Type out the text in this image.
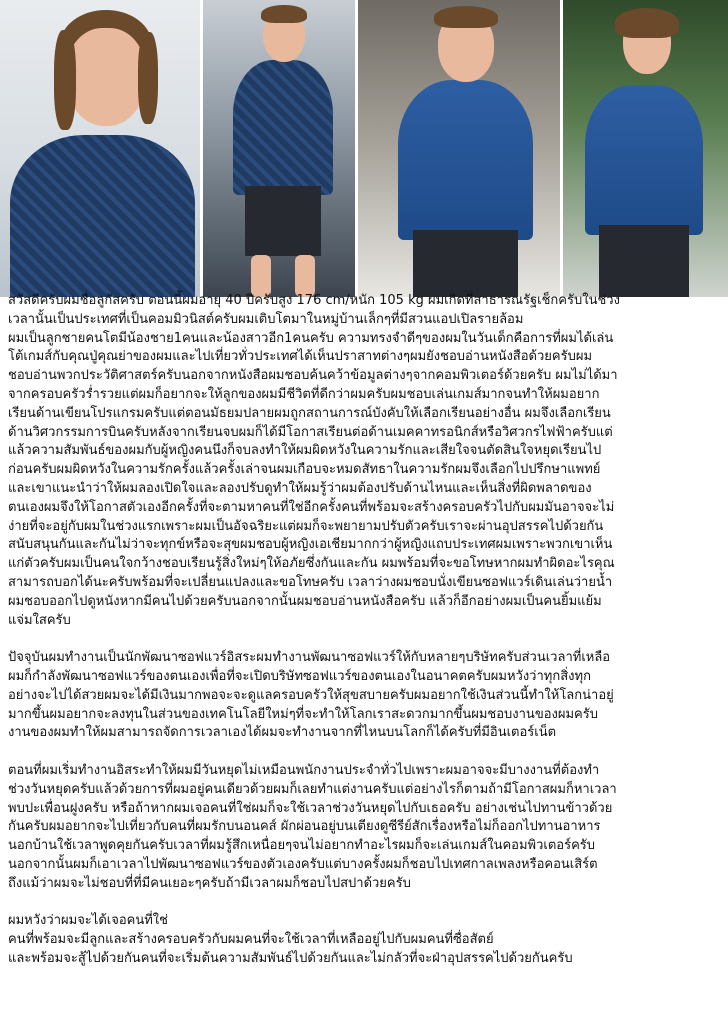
สวัสดีครับผมชื่อลูกัสครับ ตอนนี้ผมอายุ 40 ปีครับสูง 176 cm/หนัก 105 kg ผมเกิดที่สาธารณรัฐเช็กครับในช่วง
เวลานั้นเป็นประเทศที่เป็นคอมมิวนิสต์ครับผมเติบโตมาในหมู่บ้านเล็กๆที่มีสวนแอปเปิลรายล้อม
ผมเป็นลูกชายคนโตมีน้องชาย1คนและน้องสาวอีก1คนครับ ความทรงจำดีๆของผมในวันเด็กคือการที่ผมได้เล่น
โต้เกมส์กับคุณปู่คุณย่าของผมและไปเที่ยวทั่วประเทศได้เห็นปราสาทต่างๆผมยังชอบอ่านหนังสือด้วยครับผม
ชอบอ่านพวกประวัติศาสตร์ครับนอกจากหนังสือผมชอบค้นคว้าข้อมูลต่างๆจากคอมพิวเตอร์ด้วยครับ ผมไม่ได้มา
จากครอบครัวร่ำรวยแต่ผมก็อยากจะให้ลูกของผมมีชีวิตที่ดีกว่าผมครับผมชอบเล่นเกมส์มากจนทำให้ผมอยาก
เรียนด้านเขียนโปรแกรมครับแต่ตอนมัธยมปลายผมถูกสถานการณ์บังคับให้เลือกเรียนอย่างอื่น ผมจึงเลือกเรียน
ด้านวิศวกรรมการบินครับหลังจากเรียนจบผมก็ได้มีโอกาสเรียนต่อด้านเมคคาทรอนิกส์หรือวิศวกรไฟฟ้าครับแต่
แล้วความสัมพันธ์ของผมกับผู้หญิงคนนึงก็จบลงทำให้ผมผิดหวังในความรักและเสียใจจนตัดสินใจหยุดเรียนไป
ก่อนครับผมผิดหวังในความรักครั้งแล้วครั้งเล่าจนผมเกือบจะหมดสัทธาในความรักผมจึงเลือกไปปรึกษาแพทย์
และเขาแนะนำว่าให้ผมลองเปิดใจและลองปรับดูทำให้ผมรู้ว่าผมต้องปรับด้านไหนและเห็นสิ่งที่ผิดพลาดของ
ตนเองผมจึงให้โอกาสตัวเองอีกครั้งที่จะตามหาคนที่ใช่อีกครั้งคนที่พร้อมจะสร้างครอบครัวไปกับผมมันอาจจะไม่
ง่ายที่จะอยู่กับผมในช่วงแรกเพราะผมเป็นอัจฉริยะแต่ผมก็จะพยายามปรับตัวครับเราจะผ่านอุปสรรคไปด้วยกัน
สนับสนุนกันและกันไม่ว่าจะทุกข์หรือจะสุขผมชอบผู้หญิงเอเชียมากกว่าผู้หญิงแถบประเทศผมเพราะพวกเขาเห็น
แก่ตัวครับผมเป็นคนใจกว้างชอบเรียนรู้สิ่งใหม่ๆให้อภัยซึ่งกันและกัน ผมพร้อมที่จะขอโทษหากผมทำผิดอะไรคุณ
สามารถบอกได้นะครับพร้อมที่จะเปลี่ยนแปลงและขอโทษครับ เวลาว่างผมชอบนั่งเขียนซอฟแวร์เดินเล่นว่ายน้ำ
ผมชอบออกไปดูหนังหากมีคนไปด้วยครับนอกจากนั้นผมชอบอ่านหนังสือครับ แล้วก็อีกอย่างผมเป็นคนยิ้มแย้ม
แจ่มใสครับ

ปัจจุบันผมทำงานเป็นนักพัฒนาซอฟแวร์อิสระผมทำงานพัฒนาซอฟแวร์ให้กับหลายๆบริษัทครับส่วนเวลาที่เหลือ
ผมก็กำลังพัฒนาซอฟแวร์ของตนเองเพื่อที่จะเปิดบริษัทซอฟแวร์ของตนเองในอนาคตครับผมหวังว่าทุกสิ่งทุก
อย่างจะไปได้สวยผมจะได้มีเงินมากพอจะจะดูแลครอบครัวให้สุขสบายครับผมอยากใช้เงินส่วนนี้ทำให้โลกน่าอยู่
มากขึ้นผมอยากจะลงทุนในส่วนของเทคโนโลยีใหม่ๆที่จะทำให้โลกเราสะดวกมากขึ้นผมชอบงานของผมครับ
งานของผมทำให้ผมสามารถจัดการเวลาเองได้ผมจะทำงานจากที่ไหนบนโลกก็ได้ครับที่มีอินเตอร์เน็ต

ตอนที่ผมเริ่มทำงานอิสระทำให้ผมมีวันหยุดไม่เหมือนพนักงานประจำทั่วไปเพราะผมอาจจะมีบางงานที่ต้องทำ
ช่วงวันหยุดครับแล้วด้วยการที่ผมอยู่คนเดียวด้วยผมก็เลยทำแต่งานครับแต่อย่างไรก็ตามถ้ามีโอกาสผมก็หาเวลา
พบปะเพื่อนฝูงครับ หรือถ้าหากผมเจอคนที่ใช่ผมก็จะใช้เวลาช่วงวันหยุดไปกับเธอครับ อย่างเช่นไปทานข้าวด้วย
กันครับผมอยากจะไปเที่ยวกับคนที่ผมรักบนอนคส์ ผักผ่อนอยู่บนเตียงดูซีรีย์สักเรื่องหรือไม่ก็ออกไปทานอาหาร
นอกบ้านใช้เวลาพูดคุยกันครับเวลาที่ผมรู้สึกเหนื่อยๆจนไม่อยากทำอะไรผมก็จะเล่นเกมส์ในคอมพิวเตอร์ครับ
นอกจากนั้นผมก็เอาเวลาไปพัฒนาซอฟแวร์ของตัวเองครับแต่บางครั้งผมก็ชอบไปเทศกาลเพลงหรือคอนเสิร์ต
ถึงแม้ว่าผมจะไม่ชอบที่ที่มีคนเยอะๆครับถ้ามีเวลาผมก็ชอบไปสปาด้วยครับ

ผมหวังว่าผมจะได้เจอคนที่ใช่
คนที่พร้อมจะมีลูกและสร้างครอบครัวกับผมคนที่จะใช้เวลาที่เหลืออยู่ไปกับผมคนที่ซื่อสัตย์
และพร้อมจะสู้ไปด้วยกันคนที่จะเริ่มต้นความสัมพันธ์ไปด้วยกันและไม่กลัวที่จะฝ่าอุปสรรคไปด้วยกันครับ
